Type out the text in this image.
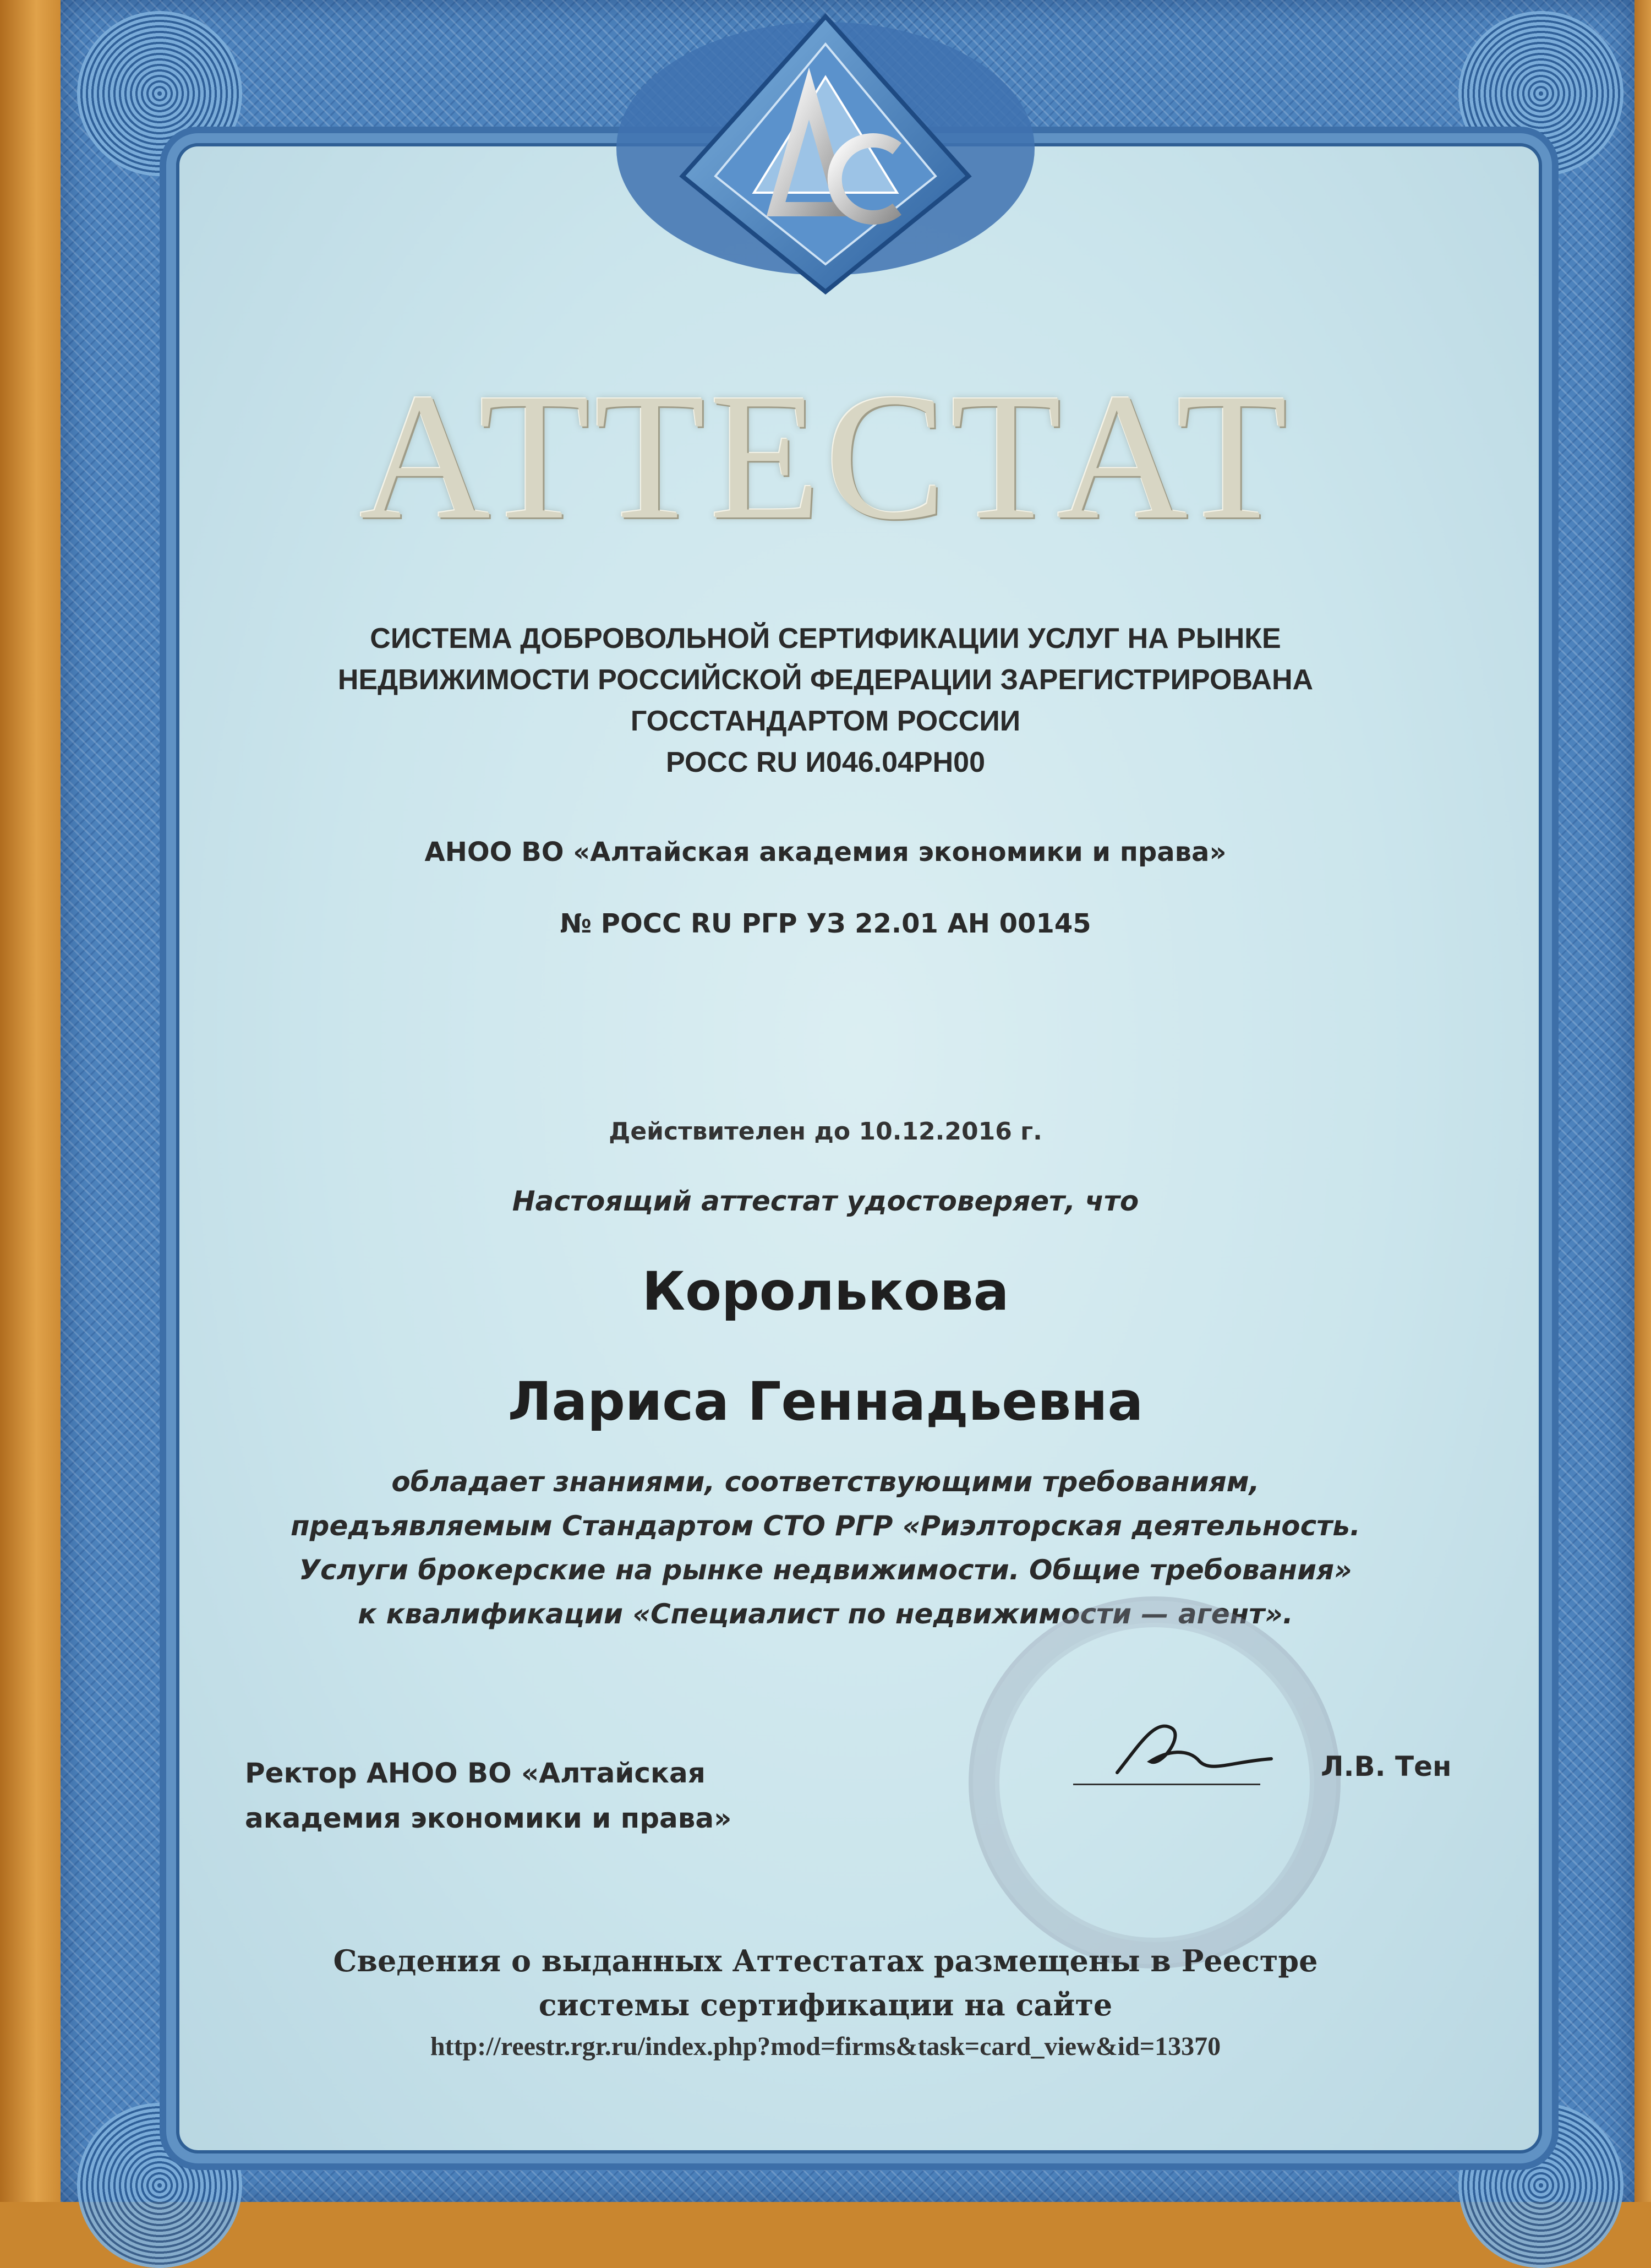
АТТЕСТАТ
СИСТЕМА ДОБРОВОЛЬНОЙ СЕРТИФИКАЦИИ УСЛУГ НА РЫНКЕ
НЕДВИЖИМОСТИ РОССИЙСКОЙ ФЕДЕРАЦИИ ЗАРЕГИСТРИРОВАНА
ГОССТАНДАРТОМ РОССИИ
РОСС RU И046.04РН00
АНОО ВО «Алтайская академия экономики и права»
№ РОСС RU РГР УЗ 22.01 АН 00145
Действителен до 10.12.2016 г.
Настоящий аттестат удостоверяет, что
Королькова
Лариса Геннадьевна
обладает знаниями, соответствующими требованиям,
предъявляемым Стандартом СТО РГР «Риэлторская деятельность.
Услуги брокерские на рынке недвижимости. Общие требования»
к квалификации «Специалист по недвижимости — агент».
Ректор АНОО ВО «Алтайская
академия экономики и права»
Л.В. Тен
Сведения о выданных Аттестатах размещены в Реестре
системы сертификации на сайте
http://reestr.rgr.ru/index.php?mod=firms&task=card_view&id=13370
